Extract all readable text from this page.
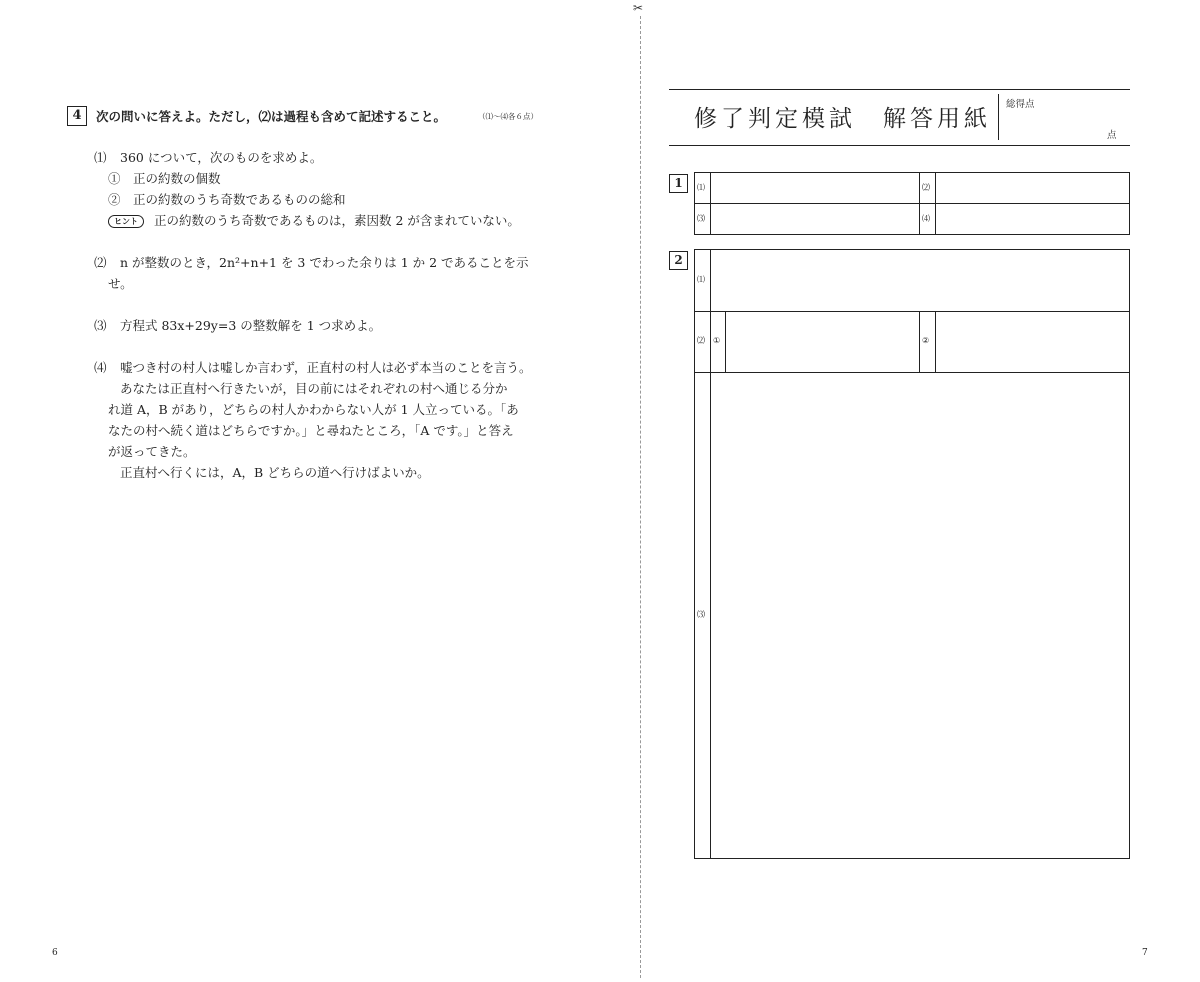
4	次の問いに答えよ。ただし，⑵は過程も含めて記述すること。	（⑴～⑷各６点）
⑴ 360 について，次のものを求めよ。
①　正の約数の個数
②　正の約数のうち奇数であるものの総和
ヒント 正の約数のうち奇数であるものは，素因数 2 が含まれていない。
⑵ n が整数のとき，2n²+n+1 を 3 でわった余りは 1 か 2 であることを示
せ。
⑶ 方程式 83x+29y=3 の整数解を 1 つ求めよ。
⑷ 嘘つき村の村人は嘘しか言わず，正直村の村人は必ず本当のことを言う。
あなたは正直村へ行きたいが，目の前にはそれぞれの村へ通じる分か
れ道 A，B があり，どちらの村人かわからない人が 1 人立っている。「あ
なたの村へ続く道はどちらですか。」と尋ねたところ，「A です。」と答え
が返ってきた。
正直村へ行くには，A，B どちらの道へ行けばよいか。
6
✂
修了判定模試　解答用紙
総得点
点
1	⑴	⑵
⑶	⑷
2
⑴
⑵ ①	②
⑶
7
